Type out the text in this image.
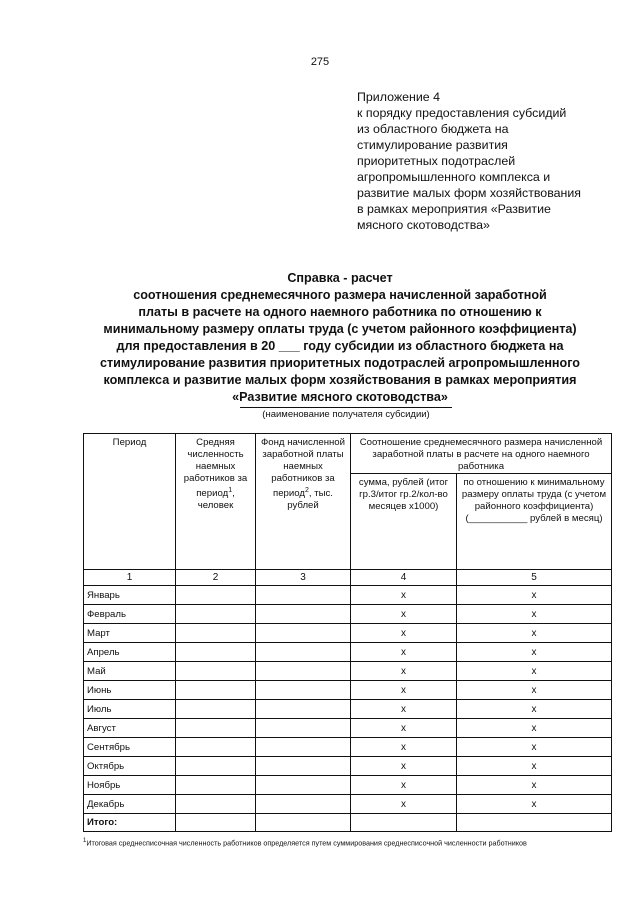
275
Приложение 4
к порядку предоставления субсидий
из областного бюджета на
стимулирование развития
приоритетных подотраслей
агропромышленного комплекса и
развитие малых форм хозяйствования
в рамках мероприятия «Развитие
мясного скотоводства»
Справка - расчет
соотношения среднемесячного размера начисленной заработной
платы в расчете на одного наемного работника по отношению к
минимальному размеру оплаты труда (с учетом районного коэффициента)
для предоставления в 20 ___ году субсидии из областного бюджета на
стимулирование развития приоритетных подотраслей агропромышленного
комплекса и развитие малых форм хозяйствования в рамках мероприятия
«Развитие мясного скотоводства»
(наименование получателя субсидии)
Период	Средняя численность наемных работников за период$^1$, человек	Фонд начисленной заработной платы наемных работников за период$^2$, тыс. рублей	Соотношение среднемесячного размера начисленной заработной платы в расчете на одного наемного работника	
			сумма, рублей (итог гр.3/итог гр.2/кол-во месяцев x1000)	по отношению к минимальному размеру оплаты труда (с учетом районного коэффициента) (___________ рублей в месяц)
1	2	3	4	5
Январь			x	x
Февраль			x	x
Март			x	x
Апрель			x	x
Май			x	x
Июнь			x	x
Июль			x	x
Август			x	x
Сентябрь			x	x
Октябрь			x	x
Ноябрь			x	x
Декабрь			x	x
Итого:				
$^1$Итоговая среднесписочная численность работников определяется путем суммирования среднесписочной численности работников
